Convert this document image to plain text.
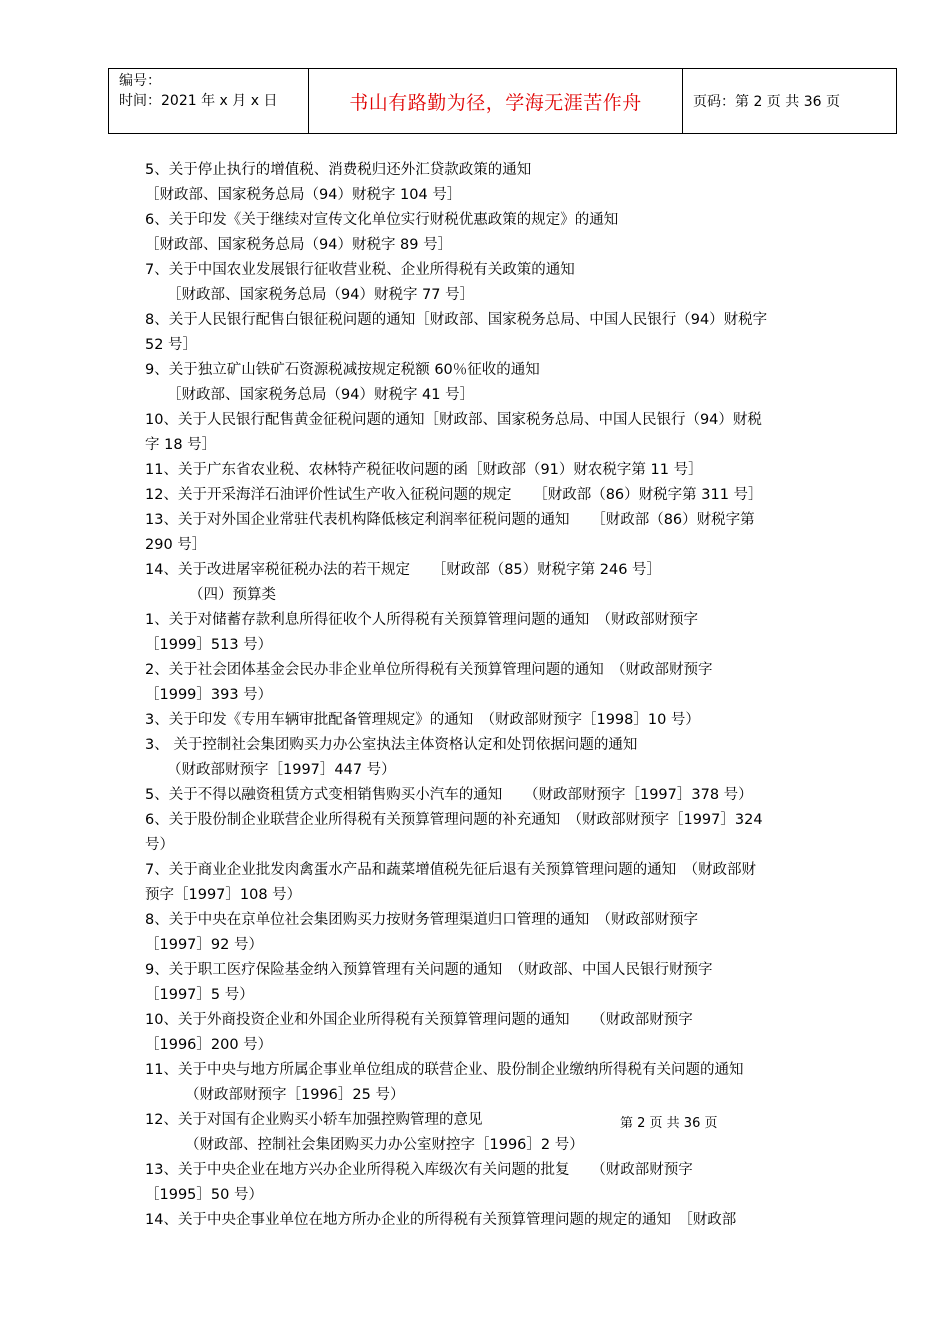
编号：
时间：2021 年 x 月 x 日	书山有路勤为径，学海无涯苦作舟	页码：第 2 页 共 36 页
5、关于停止执行的增值税、消费税归还外汇贷款政策的通知
［财政部、国家税务总局（94）财税字 104 号］
6、关于印发《关于继续对宣传文化单位实行财税优惠政策的规定》的通知
［财政部、国家税务总局（94）财税字 89 号］
7、关于中国农业发展银行征收营业税、企业所得税有关政策的通知
［财政部、国家税务总局（94）财税字 77 号］
8、关于人民银行配售白银征税问题的通知［财政部、国家税务总局、中国人民银行（94）财税字
52 号］
9、关于独立矿山铁矿石资源税减按规定税额 60％征收的通知
［财政部、国家税务总局（94）财税字 41 号］
10、关于人民银行配售黄金征税问题的通知［财政部、国家税务总局、中国人民银行（94）财税
字 18 号］
11、关于广东省农业税、农林特产税征收问题的函［财政部（91）财农税字第 11 号］
12、关于开采海洋石油评价性试生产收入征税问题的规定　　［财政部（86）财税字第 311 号］
13、关于对外国企业常驻代表机构降低核定利润率征税问题的通知　　［财政部（86）财税字第
290 号］
14、关于改进屠宰税征税办法的若干规定　　［财政部（85）财税字第 246 号］
（四）预算类
1、关于对储蓄存款利息所得征收个人所得税有关预算管理问题的通知　（财政部财预字
［1999］513 号）
2、关于社会团体基金会民办非企业单位所得税有关预算管理问题的通知　（财政部财预字
［1999］393 号）
3、关于印发《专用车辆审批配备管理规定》的通知　（财政部财预字［1998］10 号）
3、 关于控制社会集团购买力办公室执法主体资格认定和处罚依据问题的通知
（财政部财预字［1997］447 号）
5、关于不得以融资租赁方式变相销售购买小汽车的通知　　（财政部财预字［1997］378 号）
6、关于股份制企业联营企业所得税有关预算管理问题的补充通知　（财政部财预字［1997］324
号）
7、关于商业企业批发肉禽蛋水产品和蔬菜增值税先征后退有关预算管理问题的通知　（财政部财
预字［1997］108 号）
8、关于中央在京单位社会集团购买力按财务管理渠道归口管理的通知　（财政部财预字
［1997］92 号）
9、关于职工医疗保险基金纳入预算管理有关问题的通知　（财政部、中国人民银行财预字
［1997］5 号）
10、关于外商投资企业和外国企业所得税有关预算管理问题的通知　　（财政部财预字
［1996］200 号）
11、关于中央与地方所属企事业单位组成的联营企业、股份制企业缴纳所得税有关问题的通知
（财政部财预字［1996］25 号）
12、关于对国有企业购买小轿车加强控购管理的意见
（财政部、控制社会集团购买力办公室财控字［1996］2 号）
13、关于中央企业在地方兴办企业所得税入库级次有关问题的批复　　（财政部财预字
［1995］50 号）
14、关于中央企事业单位在地方所办企业的所得税有关预算管理问题的规定的通知　［财政部
第 2 页 共 36 页
